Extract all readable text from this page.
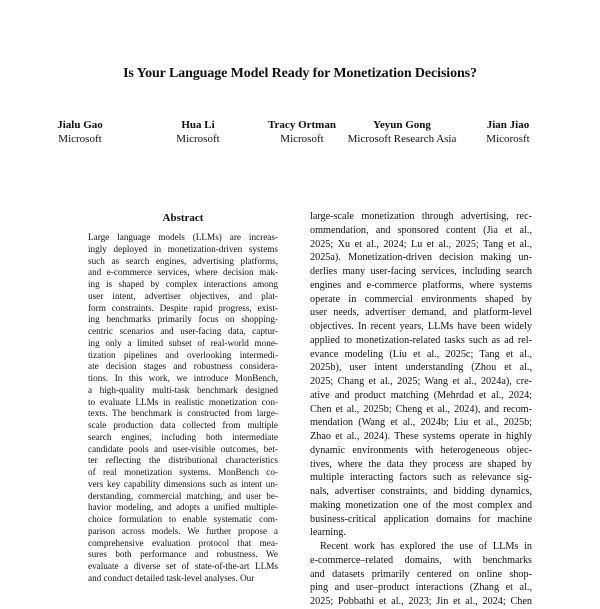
Is Your Language Model Ready for Monetization Decisions?
Jialu Gao
Microsoft
Hua Li
Microsoft
Tracy Ortman
Microsoft
Yeyun Gong
Microsoft Research Asia
Jian Jiao
Micorosft
Abstract
Large language models (LLMs) are increas-
ingly deployed in monetization-driven systems
such as search engines, advertising platforms,
and e-commerce services, where decision mak-
ing is shaped by complex interactions among
user intent, advertiser objectives, and plat-
form constraints. Despite rapid progress, exist-
ing benchmarks primarily focus on shopping-
centric scenarios and user-facing data, captur-
ing only a limited subset of real-world mone-
tization pipelines and overlooking intermedi-
ate decision stages and robustness considera-
tions. In this work, we introduce MonBench,
a high-quality multi-task benchmark designed
to evaluate LLMs in realistic monetization con-
texts. The benchmark is constructed from large-
scale production data collected from multiple
search engines, including both intermediate
candidate pools and user-visible outcomes, bet-
ter reflecting the distributional characteristics
of real monetization systems. MonBench co-
vers key capability dimensions such as intent un-
derstanding, commercial matching, and user be-
havior modeling, and adopts a unified multiple-
choice formulation to enable systematic com-
parison across models. We further propose a
comprehensive evaluation protocol that mea-
sures both performance and robustness. We
evaluate a diverse set of state-of-the-art LLMs
and conduct detailed task-level analyses. Our
large-scale monetization through advertising, rec-
ommendation, and sponsored content (Jia et al.,
2025; Xu et al., 2024; Lu et al., 2025; Tang et al.,
2025a). Monetization-driven decision making un-
derlies many user-facing services, including search
engines and e-commerce platforms, where systems
operate in commercial environments shaped by
user needs, advertiser demand, and platform-level
objectives. In recent years, LLMs have been widely
applied to monetization-related tasks such as ad rel-
evance modeling (Liu et al., 2025c; Tang et al.,
2025b), user intent understanding (Zhou et al.,
2025; Chang et al., 2025; Wang et al., 2024a), cre-
ative and product matching (Mehrdad et al., 2024;
Chen et al., 2025b; Cheng et al., 2024), and recom-
mendation (Wang et al., 2024b; Liu et al., 2025b;
Zhao et al., 2024). These systems operate in highly
dynamic environments with heterogeneous objec-
tives, where the data they process are shaped by
multiple interacting factors such as relevance sig-
nals, advertiser constraints, and bidding dynamics,
making monetization one of the most complex and
business-critical application domains for machine
learning.
Recent work has explored the use of LLMs in
e-commerce–related domains, with benchmarks
and datasets primarily centered on online shop-
ping and user–product interactions (Zhang et al.,
2025; Pobbathi et al., 2023; Jin et al., 2024; Chen
